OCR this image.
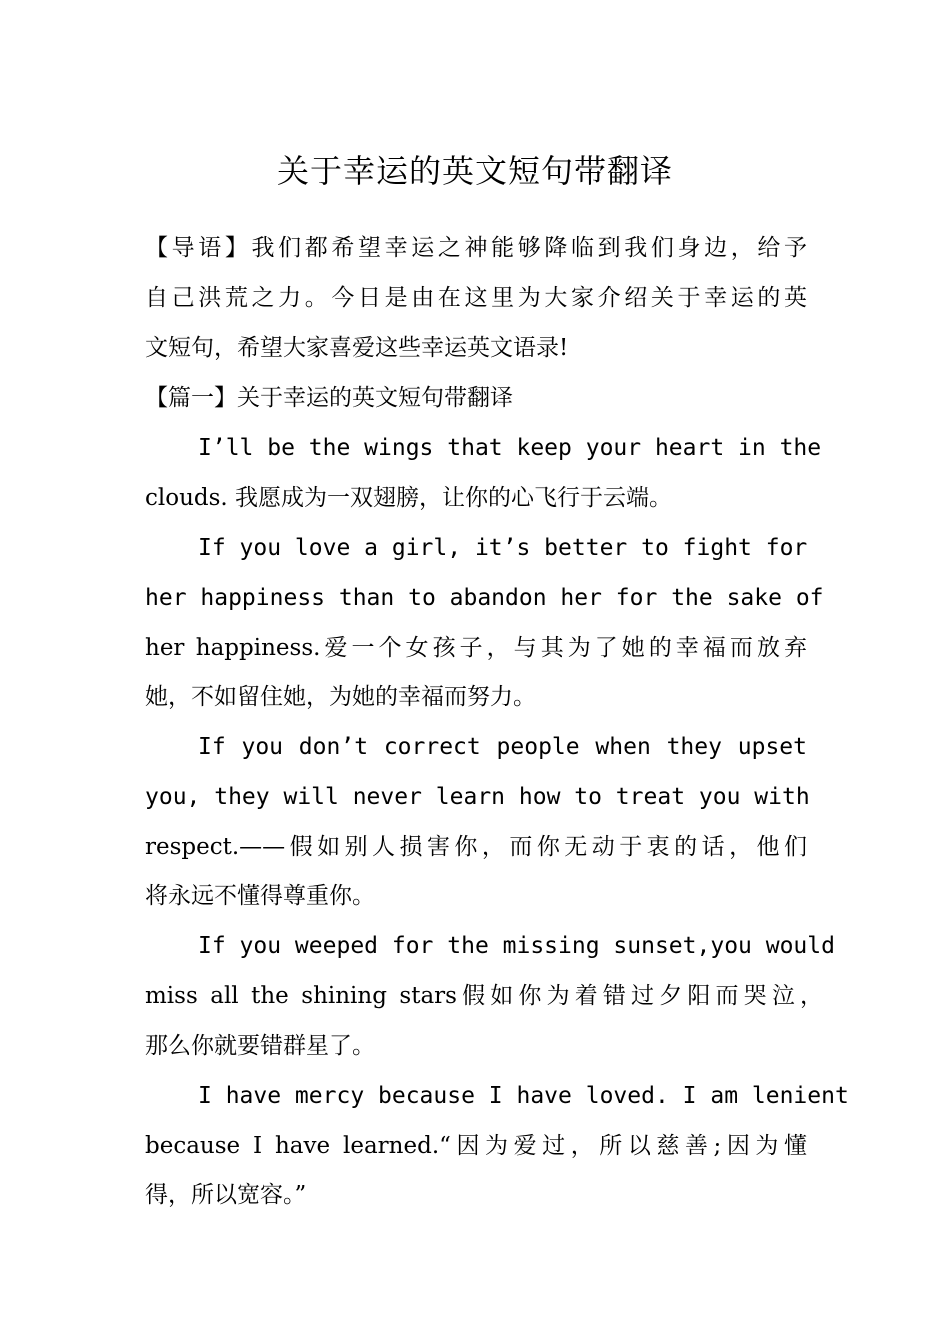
关于幸运的英文短句带翻译
【导语】我们都希望幸运之神能够降临到我们身边，给予
自己洪荒之力。今日是由在这里为大家介绍关于幸运的英
文短句，希望大家喜爱这些幸运英文语录!
【篇一】关于幸运的英文短句带翻译
I’ll be the wings that keep your heart in the
clouds. 我愿成为一双翅膀，让你的心飞行于云端。
If you love a girl, it’s better to fight for
her happiness than to abandon her for the sake of
her happiness.爱一个女孩子，与其为了她的幸福而放弃
她，不如留住她，为她的幸福而努力。
If you don’t correct people when they upset
you, they will never learn how to treat you with
respect.——假如别人损害你，而你无动于衷的话，他们
将永远不懂得尊重你。
If you weeped for the missing sunset,you would
miss all the shining stars假如你为着错过夕阳而哭泣，
那么你就要错群星了。
I have mercy because I have loved. I am lenient
because I have learned.“因为爱过，所以慈善;因为懂
得，所以宽容。”
